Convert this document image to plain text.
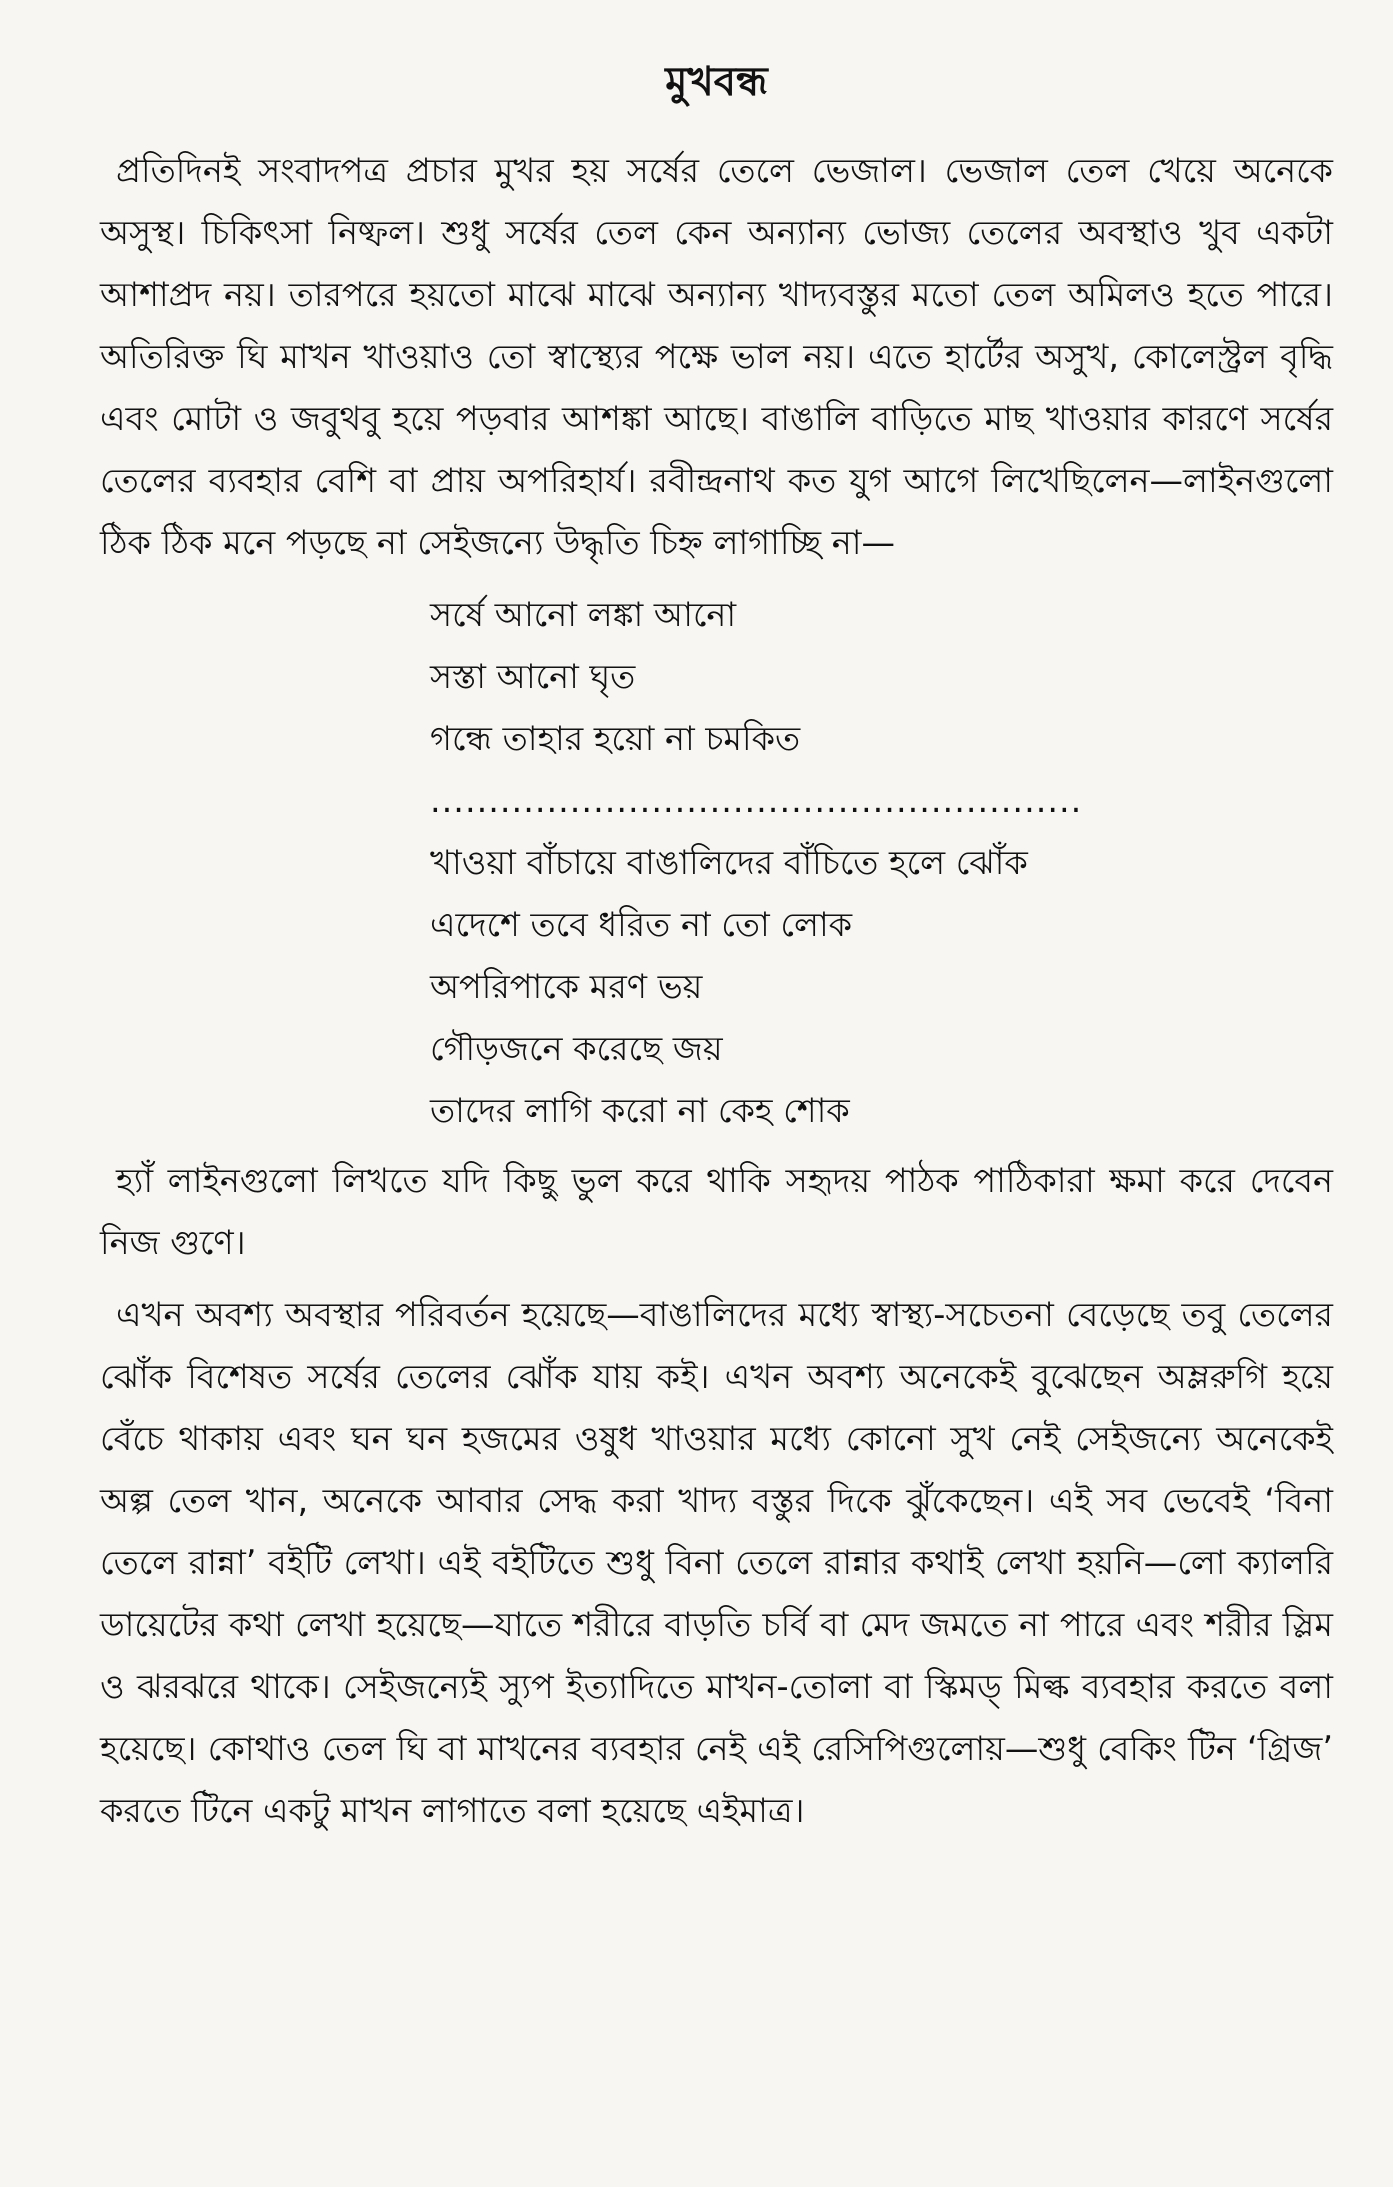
মুখবন্ধ

প্রতিদিনই সংবাদপত্র প্রচার মুখর হয় সর্ষের তেলে ভেজাল। ভেজাল তেল খেয়ে অনেকে অসুস্থ। চিকিৎসা নিষ্ফল। শুধু সর্ষের তেল কেন অন্যান্য ভোজ্য তেলের অবস্থাও খুব একটা আশাপ্রদ নয়। তারপরে হয়তো মাঝে মাঝে অন্যান্য খাদ্যবস্তুর মতো তেল অমিলও হতে পারে। অতিরিক্ত ঘি মাখন খাওয়াও তো স্বাস্থ্যের পক্ষে ভাল নয়। এতে হার্টের অসুখ, কোলেস্ট্রল বৃদ্ধি এবং মোটা ও জবুথবু হয়ে পড়বার আশঙ্কা আছে। বাঙালি বাড়িতে মাছ খাওয়ার কারণে সর্ষের তেলের ব্যবহার বেশি বা প্রায় অপরিহার্য। রবীন্দ্রনাথ কত যুগ আগে লিখেছিলেন—লাইনগুলো ঠিক ঠিক মনে পড়ছে না সেইজন্যে উদ্ধৃতি চিহ্ন লাগাচ্ছি না—

সর্ষে আনো লঙ্কা আনো
সস্তা আনো ঘৃত
গন্ধে তাহার হয়ো না চমকিত
........................................................
খাওয়া বাঁচায়ে বাঙালিদের বাঁচিতে হলে ঝোঁক
এদেশে তবে ধরিত না তো লোক
অপরিপাকে মরণ ভয়
গৌড়জনে করেছে জয়
তাদের লাগি করো না কেহ শোক

হ্যাঁ লাইনগুলো লিখতে যদি কিছু ভুল করে থাকি সহৃদয় পাঠক পাঠিকারা ক্ষমা করে দেবেন নিজ গুণে।

এখন অবশ্য অবস্থার পরিবর্তন হয়েছে—বাঙালিদের মধ্যে স্বাস্থ্য-সচেতনা বেড়েছে তবু তেলের ঝোঁক বিশেষত সর্ষের তেলের ঝোঁক যায় কই। এখন অবশ্য অনেকেই বুঝেছেন অম্লরুগি হয়ে বেঁচে থাকায় এবং ঘন ঘন হজমের ওষুধ খাওয়ার মধ্যে কোনো সুখ নেই সেইজন্যে অনেকেই অল্প তেল খান, অনেকে আবার সেদ্ধ করা খাদ্য বস্তুর দিকে ঝুঁকেছেন। এই সব ভেবেই ‘বিনা তেলে রান্না’ বইটি লেখা। এই বইটিতে শুধু বিনা তেলে রান্নার কথাই লেখা হয়নি—লো ক্যালরি ডায়েটের কথা লেখা হয়েছে—যাতে শরীরে বাড়তি চর্বি বা মেদ জমতে না পারে এবং শরীর স্লিম ও ঝরঝরে থাকে। সেইজন্যেই স্যুপ ইত্যাদিতে মাখন-তোলা বা স্কিমড্ মিল্ক ব্যবহার করতে বলা হয়েছে। কোথাও তেল ঘি বা মাখনের ব্যবহার নেই এই রেসিপিগুলোয়—শুধু বেকিং টিন ‘গ্রিজ’ করতে টিনে একটু মাখন লাগাতে বলা হয়েছে এইমাত্র।
